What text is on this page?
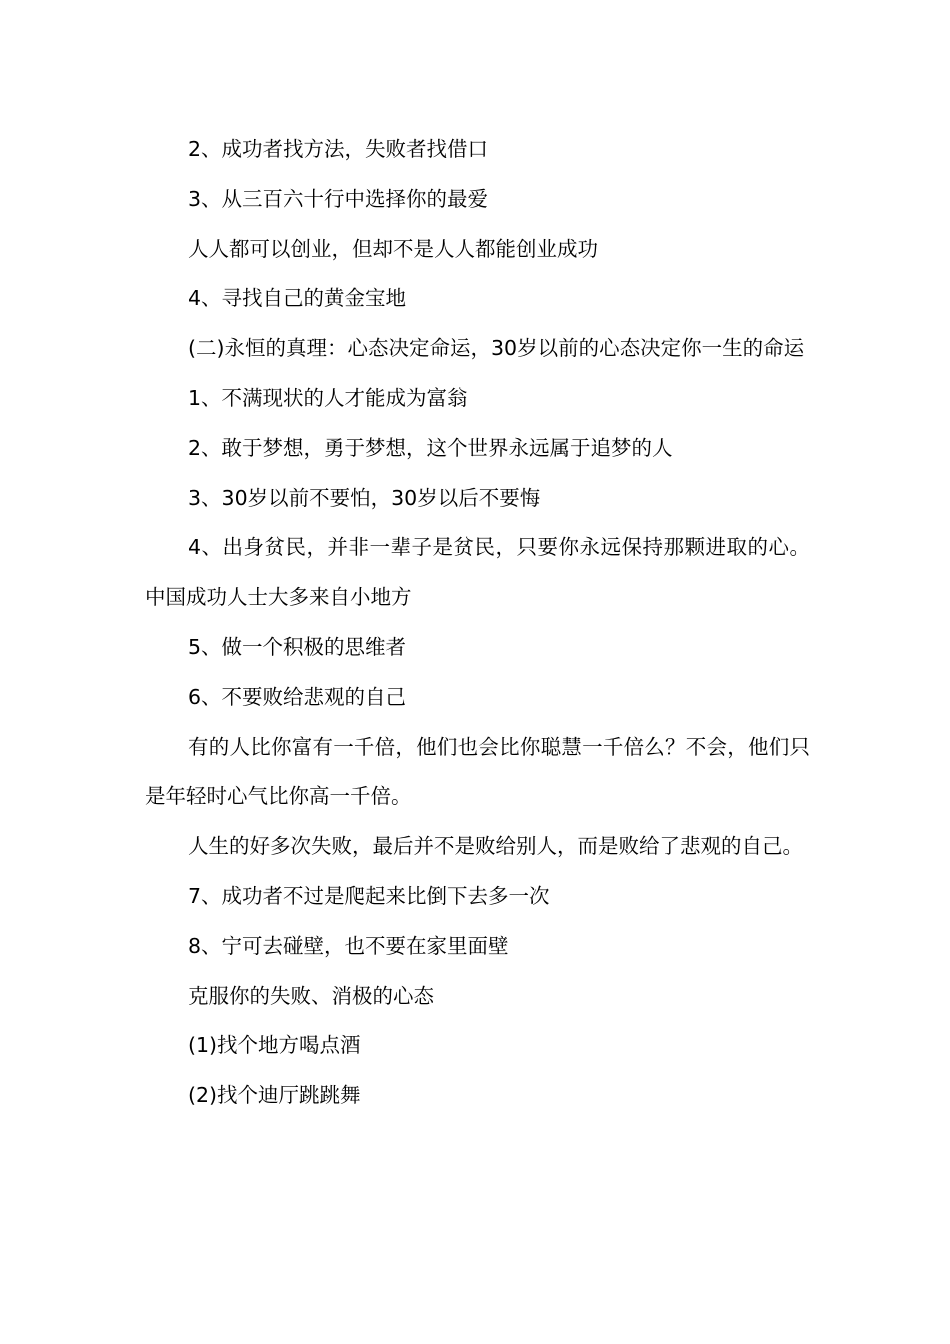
2、成功者找方法，失败者找借口

3、从三百六十行中选择你的最爱

人人都可以创业，但却不是人人都能创业成功

4、寻找自己的黄金宝地

(二)永恒的真理：心态决定命运，30岁以前的心态决定你一生的命运

1、不满现状的人才能成为富翁

2、敢于梦想，勇于梦想，这个世界永远属于追梦的人

3、30岁以前不要怕，30岁以后不要悔

4、出身贫民，并非一辈子是贫民，只要你永远保持那颗进取的心。中国成功人士大多来自小地方

5、做一个积极的思维者

6、不要败给悲观的自己

有的人比你富有一千倍，他们也会比你聪慧一千倍么？不会，他们只是年轻时心气比你高一千倍。

人生的好多次失败，最后并不是败给别人，而是败给了悲观的自己。

7、成功者不过是爬起来比倒下去多一次

8、宁可去碰壁，也不要在家里面壁

克服你的失败、消极的心态

(1)找个地方喝点酒

(2)找个迪厅跳跳舞
